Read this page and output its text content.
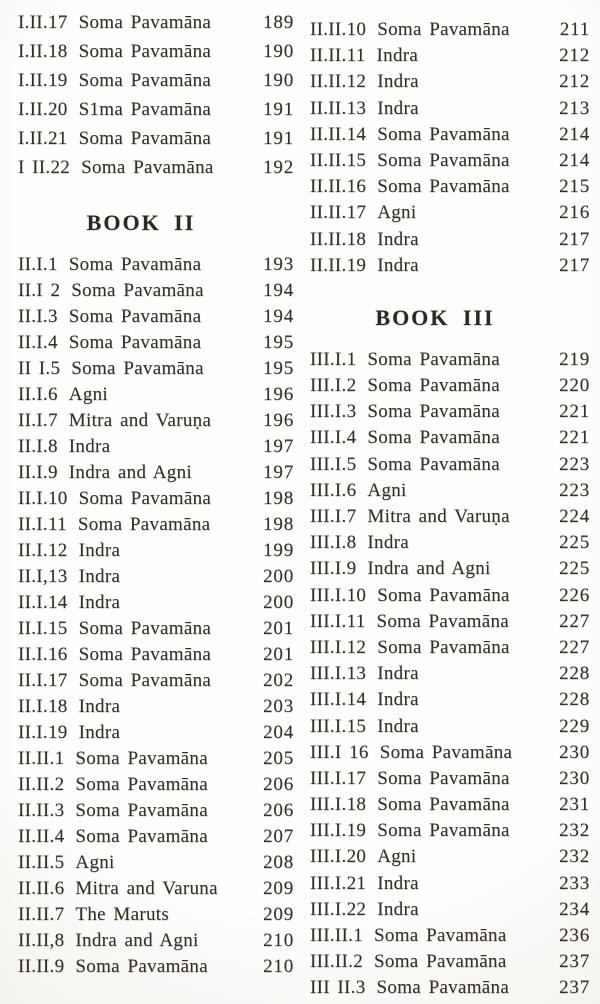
I.II.17 Soma Pavamāna	189
I.II.18 Soma Pavamāna	190
I.II.19 Soma Pavamāna	190
I.II.20 S1ma Pavamāna	191
I.II.21 Soma Pavamāna	191
I II.22 Soma Pavamāna	192
BOOK II
II.I.1 Soma Pavamāna	193
II.I 2 Soma Pavamāna	194
II.I.3 Soma Pavamāna	194
II.I.4 Soma Pavamāna	195
II I.5 Soma Pavamāna	195
II.I.6 Agni	196
II.I.7 Mitra and Varuṇa	196
II.I.8 Indra	197
II.I.9 Indra and Agni	197
II.I.10 Soma Pavamāna	198
II.I.11 Soma Pavamāna	198
II.I.12 Indra	199
II.I,13 Indra	200
II.I.14 Indra	200
II.I.15 Soma Pavamāna	201
II.I.16 Soma Pavamāna	201
II.I.17 Soma Pavamāna	202
II.I.18 Indra	203
II.I.19 Indra	204
II.II.1 Soma Pavamāna	205
II.II.2 Soma Pavamāna	206
II.II.3 Soma Pavamāna	206
II.II.4 Soma Pavamāna	207
II.II.5 Agni	208
II.II.6 Mitra and Varuna	209
II.II.7 The Maruts	209
II.II,8 Indra and Agni	210
II.II.9 Soma Pavamāna	210
II.II.10 Soma Pavamāna	211
II.II.11 Indra	212
II.II.12 Indra	212
II.II.13 Indra	213
II.II.14 Soma Pavamāna	214
II.II.15 Soma Pavamāna	214
II.II.16 Soma Pavamāna	215
II.II.17 Agni	216
II.II.18 Indra	217
II.II.19 Indra	217
BOOK III
III.I.1 Soma Pavamāna	219
III.I.2 Soma Pavamāna	220
III.I.3 Soma Pavamāna	221
III.I.4 Soma Pavamāna	221
III.I.5 Soma Pavamāna	223
III.I.6 Agni	223
III.I.7 Mitra and Varuṇa	224
III.I.8 Indra	225
III.I.9 Indra and Agni	225
III.I.10 Soma Pavamāna	226
III.I.11 Soma Pavamāna	227
III.I.12 Soma Pavamāna	227
III.I.13 Indra	228
III.I.14 Indra	228
III.I.15 Indra	229
III.I 16 Soma Pavamāna	230
III.I.17 Soma Pavamāna	230
III.I.18 Soma Pavamāna	231
III.I.19 Soma Pavamāna	232
III.I.20 Agni	232
III.I.21 Indra	233
III.I.22 Indra	234
III.II.1 Soma Pavamāna	236
III.II.2 Soma Pavamāna	237
III II.3 Soma Pavamāna	237
